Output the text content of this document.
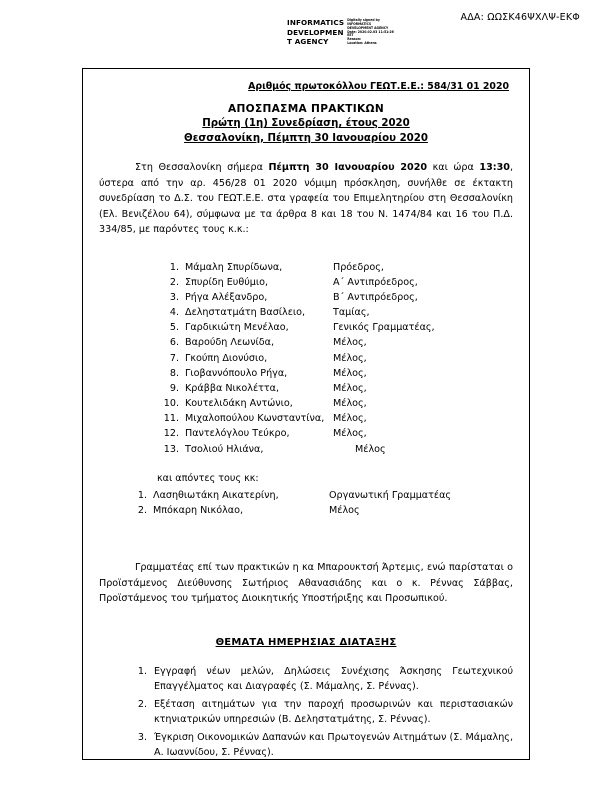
ΑΔΑ: ΩΩΣΚ46ΨΧΛΨ-ΕΚΦ
INFORMATICS
DEVELOPMEN
T AGENCY
Digitally signed by
INFORMATICS
DEVELOPMENT AGENCY
Date: 2020.02.03 11:51:26
EET
Reason:
Location: Athens
Αριθμός πρωτοκόλλου ΓΕΩΤ.Ε.Ε.: 584/31 01 2020
ΑΠΟΣΠΑΣΜΑ ΠΡΑΚΤΙΚΩΝ
Πρώτη (1η) Συνεδρίαση, έτους 2020
Θεσσαλονίκη, Πέμπτη 30 Ιανουαρίου 2020
Στη Θεσσαλονίκη σήμερα Πέμπτη 30 Ιανουαρίου 2020 και ώρα 13:30, ύστερα από την αρ. 456/28 01 2020 νόμιμη πρόσκληση, συνήλθε σε έκτακτη συνεδρίαση το Δ.Σ. του ΓΕΩΤ.Ε.Ε. στα γραφεία του Επιμελητηρίου στη Θεσσαλονίκη (Ελ. Βενιζέλου 64), σύμφωνα με τα άρθρα 8 και 18 του Ν. 1474/84 και 16 του Π.Δ. 334/85, με παρόντες τους κ.κ.:
1. Μάμαλη Σπυρίδωνα,	Πρόεδρος,
2. Σπυρίδη Ευθύμιο,	Α΄ Αντιπρόεδρος,
3. Ρήγα Αλέξανδρο,	Β΄ Αντιπρόεδρος,
4. Δεληστατμάτη Βασίλειο,	Ταμίας,
5. Γαρδικιώτη Μενέλαο,	Γενικός Γραμματέας,
6. Βαρούδη Λεωνίδα,	Μέλος,
7. Γκούπη Διονύσιο,	Μέλος,
8. Γιοβαννόπουλο Ρήγα,	Μέλος,
9. Κράββα Νικολέττα,	Μέλος,
10. Κουτελιδάκη Αντώνιο,	Μέλος,
11. Μιχαλοπούλου Κωνσταντίνα, Μέλος,
12. Παντελόγλου Τεύκρο,	Μέλος,
13. Τσολιού Ηλιάνα,	Μέλος
και απόντες τους κκ:
1. Λασηθιωτάκη Αικατερίνη,	Οργανωτική Γραμματέας
2. Μπόκαρη Νικόλαο,	Μέλος
Γραμματέας επί των πρακτικών η κα Μπαρουκτσή Άρτεμις, ενώ παρίσταται ο Προϊστάμενος Διεύθυνσης Σωτήριος Αθανασιάδης και ο κ. Ρέννας Σάββας, Προϊστάμενος του τμήματος Διοικητικής Υποστήριξης και Προσωπικού.
ΘΕΜΑΤΑ ΗΜΕΡΗΣΙΑΣ ΔΙΑΤΑΞΗΣ
1. Εγγραφή νέων μελών, Δηλώσεις Συνέχισης Άσκησης Γεωτεχνικού Επαγγέλματος και Διαγραφές (Σ. Μάμαλης, Σ. Ρέννας).
2. Εξέταση αιτημάτων για την παροχή προσωρινών και περιστασιακών κτηνιατρικών υπηρεσιών (Β. Δεληστατμάτης, Σ. Ρέννας).
3. Έγκριση Οικονομικών Δαπανών και Πρωτογενών Αιτημάτων (Σ. Μάμαλης, Α. Ιωαννίδου, Σ. Ρέννας).
